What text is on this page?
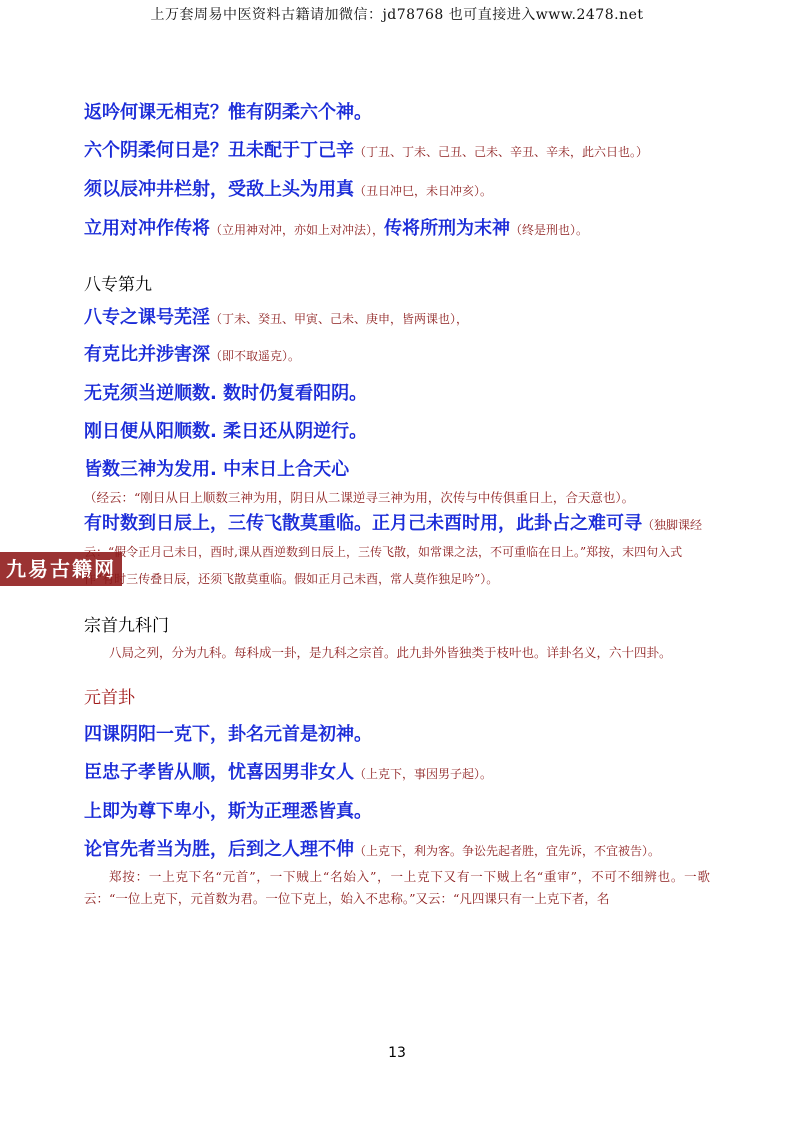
上万套周易中医资料古籍请加微信：jd78768 也可直接进入www.2478.net
九易古籍网

返吟何课无相克？惟有阴柔六个神。

六个阴柔何日是？丑未配于丁己辛（丁丑、丁未、己丑、己未、辛丑、辛未，此六日也。）

须以辰冲井栏射，受敌上头为用真（丑日冲巳，未日冲亥）。

立用对冲作传将（立用神对冲，亦如上对冲法），传将所刑为末神（终是刑也）。

八专第九

八专之课号芜淫（丁未、癸丑、甲寅、己未、庚申，皆两课也），

有克比并涉害深（即不取遥克）。

无克须当逆顺数. 数时仍复看阳阴。

刚日便从阳顺数. 柔日还从阴逆行。

皆数三神为发用. 中末日上合天心

（经云：“刚日从日上顺数三神为用，阴日从二课逆寻三神为用，次传与中传俱重日上，合天意也）。

有时数到日辰上，三传飞散莫重临。正月己未酉时用，此卦占之难可寻（独脚课经云：“假令正月己未日，酉时,课从酉逆数到日辰上，三传飞散，如常课之法，不可重临在日上。”郑按，末四句入式作“有时三传叠日辰，还须飞散莫重临。假如正月己未酉，常人莫作独足吟”）。

宗首九科门

八局之列，分为九科。每科成一卦，是九科之宗首。此九卦外皆独类于枝叶也。详卦名义，六十四卦。

元首卦

四课阴阳一克下，卦名元首是初神。

臣忠子孝皆从顺，忧喜因男非女人（上克下，事因男子起）。

上即为尊下卑小，斯为正理悉皆真。

论官先者当为胜，后到之人理不伸（上克下，利为客。争讼先起者胜，宜先诉，不宜被告）。

郑按：一上克下名“元首”，一下贼上“名始入”，一上克下又有一下贼上名“重审”，不可不细辨也。一歌云：“一位上克下，元首数为君。一位下克上，始入不忠称。”又云：“凡四课只有一上克下者，名

13
